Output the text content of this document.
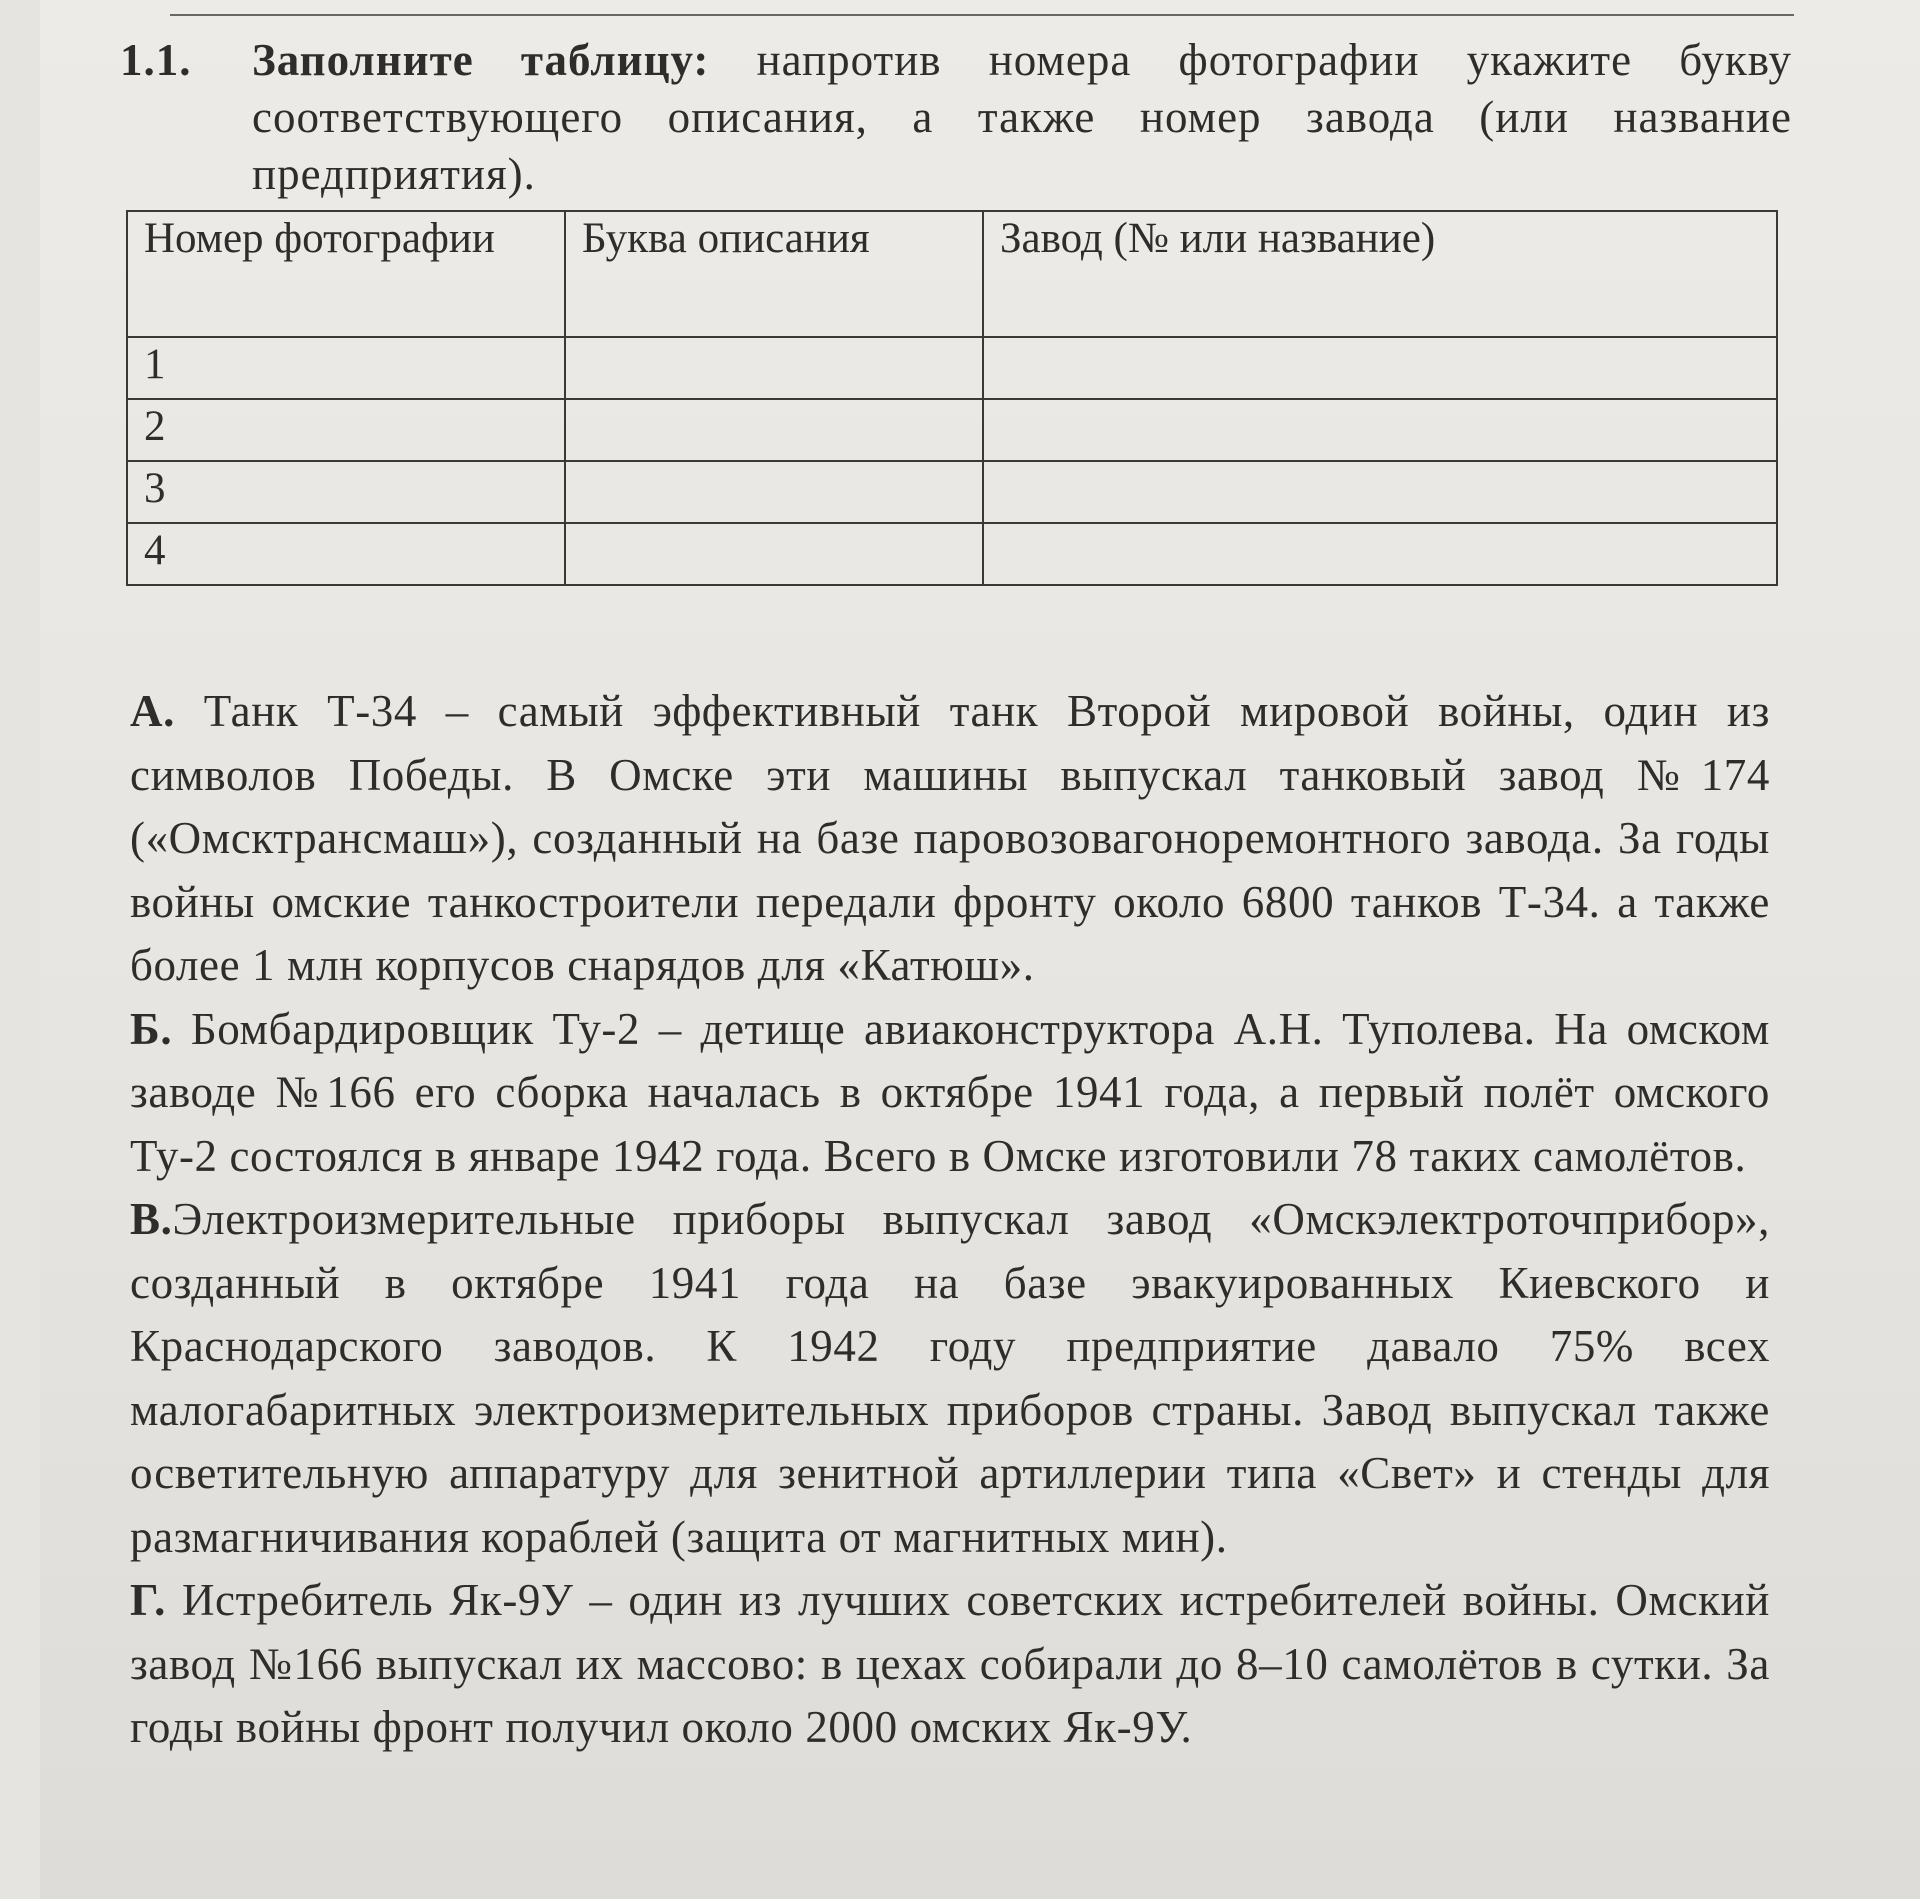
1.1. Заполните таблицу: напротив номера фотографии укажите букву соответствующего описания, а также номер завода (или название предприятия).
Номер фотографии	Буква описания	Завод (№ или название)
1		
2		
3		
4		

А. Танк Т-34 – самый эффективный танк Второй мировой войны, один из символов Победы. В Омске эти машины выпускал танковый завод №174 («Омсктрансмаш»), созданный на базе паровозовагоноремонтного завода. За годы войны омские танкостроители передали фронту около 6800 танков Т-34. а также более 1 млн корпусов снарядов для «Катюш».

Б. Бомбардировщик Ту-2 – детище авиаконструктора А.Н. Туполева. На омском заводе №166 его сборка началась в октябре 1941 года, а первый полёт омского Ту-2 состоялся в январе 1942 года. Всего в Омске изготовили 78 таких самолётов.

В.Электроизмерительные приборы выпускал завод «Омскэлектроточприбор», созданный в октябре 1941 года на базе эвакуированных Киевского и Краснодарского заводов. К 1942 году предприятие давало 75% всех малогабаритных электроизмерительных приборов страны. Завод выпускал также осветительную аппаратуру для зенитной артиллерии типа «Свет» и стенды для размагничивания кораблей (защита от магнитных мин).

Г. Истребитель Як-9У – один из лучших советских истребителей войны. Омский завод №166 выпускал их массово: в цехах собирали до 8–10 самолётов в сутки. За годы войны фронт получил около 2000 омских Як-9У.
